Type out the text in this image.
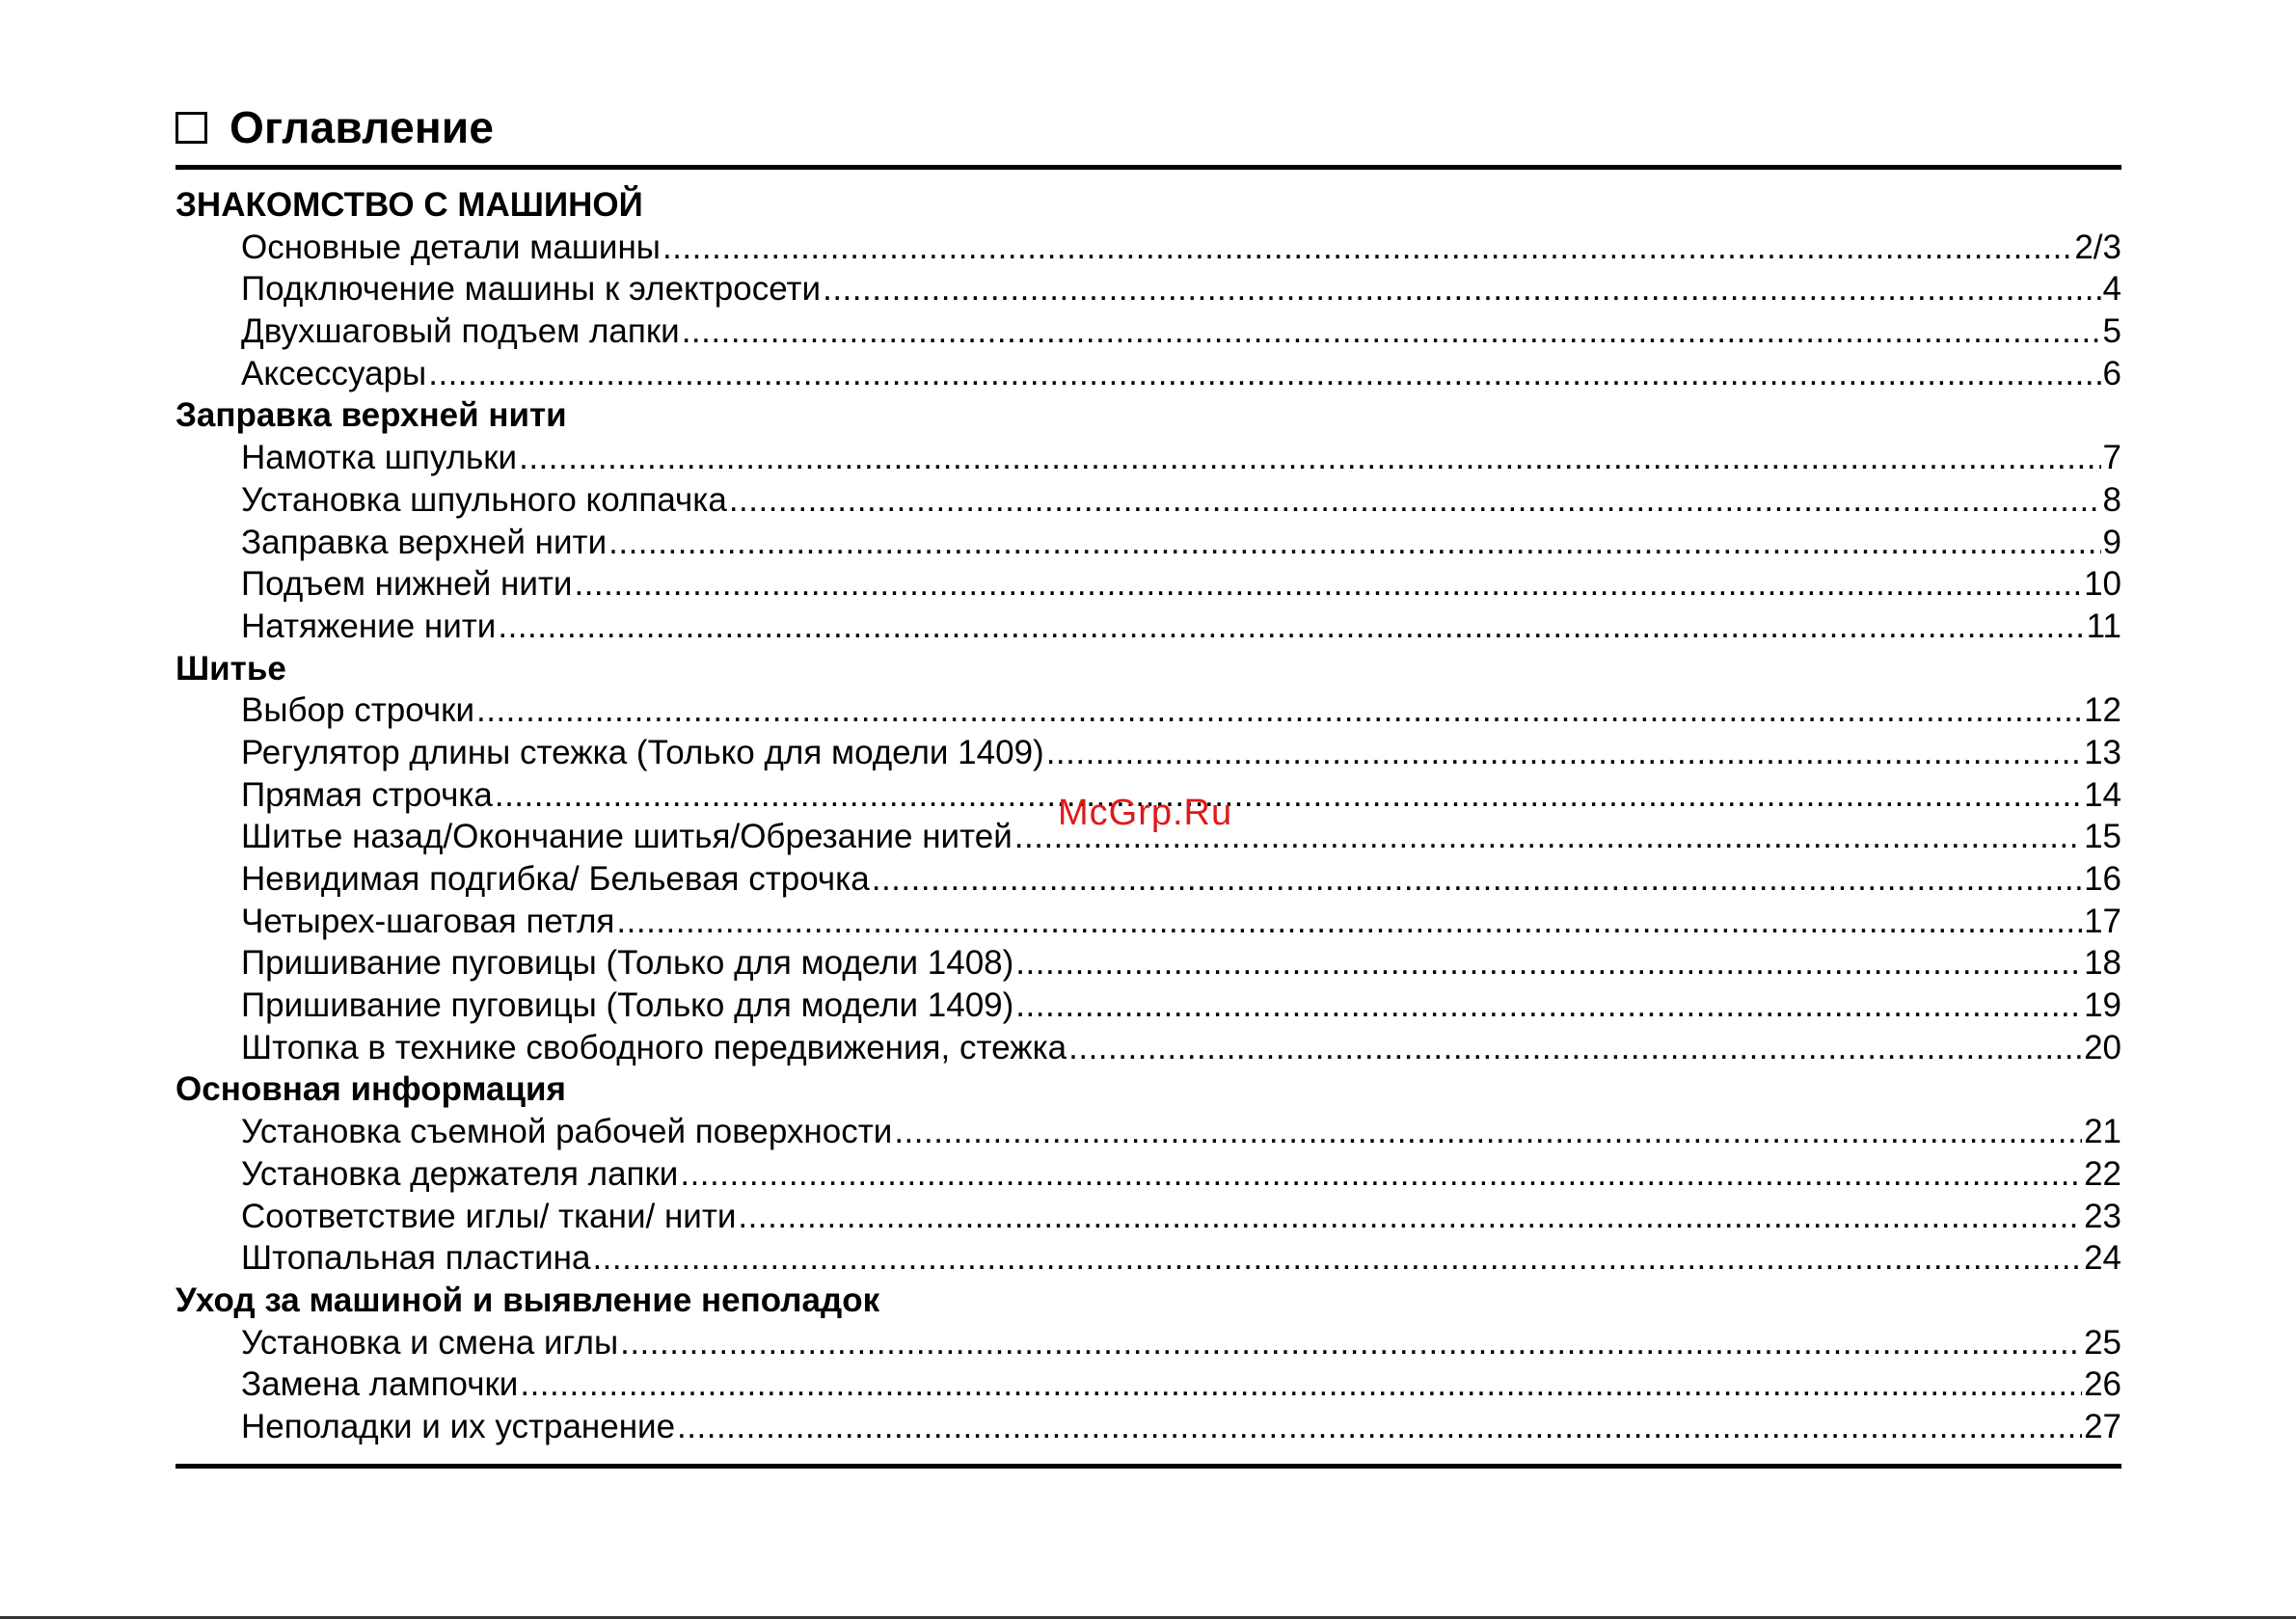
Оглавление
ЗНАКОМСТВО С МАШИНОЙ
Основные детали машины .....	2/3
Подключение машины к электросети .....	4
Двухшаговый подъем лапки .....	5
Аксессуары .....	6
Заправка верхней нити
Намотка шпульки .....	7
Установка шпульного колпачка .....	8
Заправка верхней нити .....	9
Подъем нижней нити .....	10
Натяжение нити .....	11
Шитье
Выбор строчки .....	12
Регулятор длины стежка (Только для модели 1409) .....	13
Прямая строчка .....	14
Шитье назад/Окончание шитья/Обрезание нитей .....	15
Невидимая подгибка/ Бельевая строчка .....	16
Четырех-шаговая петля .....	17
Пришивание пуговицы (Только для модели 1408) .....	18
Пришивание пуговицы (Только для модели 1409) .....	19
Штопка в технике свободного передвижения, стежка .....	20
Основная информация
Установка съемной рабочей поверхности .....	21
Установка держателя лапки .....	22
Соответствие иглы/ ткани/ нити .....	23
Штопальная пластина .....	24
Уход за машиной и выявление неполадок
Установка и смена иглы .....	25
Замена лампочки .....	26
Неполадки и их устранение .....	27
McGrp.Ru
